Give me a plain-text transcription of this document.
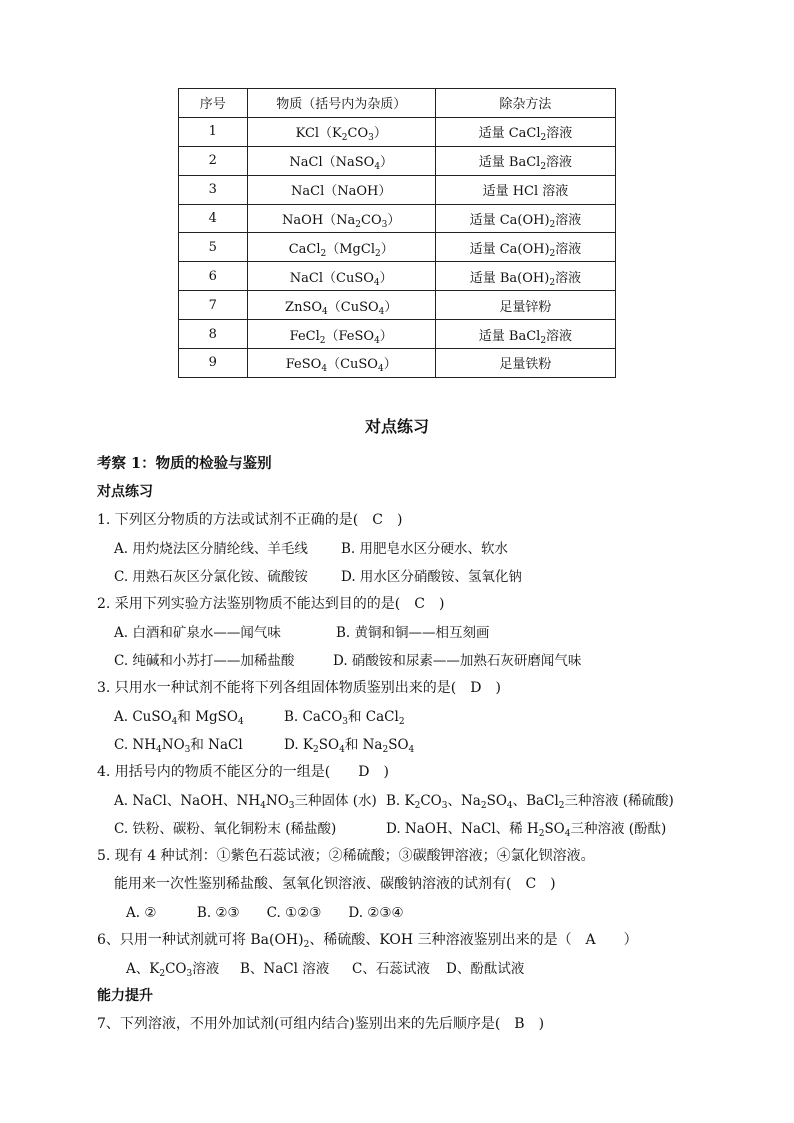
序号	物质（括号内为杂质）	除杂方法
1	$KCl(K_2CO_3)$	适量 CaCl$_2$溶液
2	NaCl（NaSO$_4$）	适量 BaCl$_2$溶液
3	NaCl（NaOH）	适量 HCl 溶液
4	$NaOH(Na_2CO_3)$	适量 $Ca(OH)_2$溶液
5	CaCl$_2$（MgCl$_2$）	适量 $Ca(OH)_2$溶液
6	NaCl（CuSO$_4$）	适量 $Ba(OH)_2$溶液
7	ZnSO$_4$（CuSO$_4$）	足量锌粉
8	FeCl$_2$（FeSO$_4$）	适量 BaCl$_2$溶液
9	FeSO$_4$（CuSO$_4$）	足量铁粉
对点练习
考察 1：物质的检验与鉴别
对点练习
1. 下列区分物质的方法或试剂不正确的是(　C　)
A. 用灼烧法区分腈纶线、羊毛线 B. 用肥皂水区分硬水、软水
C. 用熟石灰区分氯化铵、硫酸铵 D. 用水区分硝酸铵、氢氧化钠
2. 采用下列实验方法鉴别物质不能达到目的的是(　C　)
A. 白酒和矿泉水——闻气味	B. 黄铜和铜——相互刻画
C. 纯碱和小苏打——加稀盐酸	D. 硝酸铵和尿素——加熟石灰研磨闻气味
3. 只用水一种试剂不能将下列各组固体物质鉴别出来的是(　D　)
A. CuSO$_4$和 MgSO$_4$	B. CaCO$_3$和 CaCl$_2$
C. $NH_4NO_3$和 NaCl	D. $K_2SO_4$和 $Na_2SO_4$
4. 用括号内的物质不能区分的一组是(　　D　)
A. NaCl、NaOH、$NH_4NO_3$三种固体 (水) B. $K_2CO_3$、$Na_2SO_4$、BaCl$_2$三种溶液 (稀硫酸)
C. 铁粉、碳粉、氧化铜粉末 (稀盐酸)	D. NaOH、NaCl、稀 $H_2SO_4$三种溶液 (酚酞)
5. 现有 4 种试剂：①紫色石蕊试液；②稀硫酸；③碳酸钾溶液；④氯化钡溶液。
能用来一次性鉴别稀盐酸、氢氧化钡溶液、碳酸钠溶液的试剂有(　C　)
A. ②　　　B. ②③　　C. ①②③　　D. ②③④
6、只用一种试剂就可将 $Ba(OH)_2$、稀硫酸、KOH 三种溶液鉴别出来的是（　A　　）
A、$K_2CO_3$溶液 B、NaCl 溶液 C、石蕊试液 D、酚酞试液
能力提升
7、下列溶液，不用外加试剂(可组内结合)鉴别出来的先后顺序是(　B　)
